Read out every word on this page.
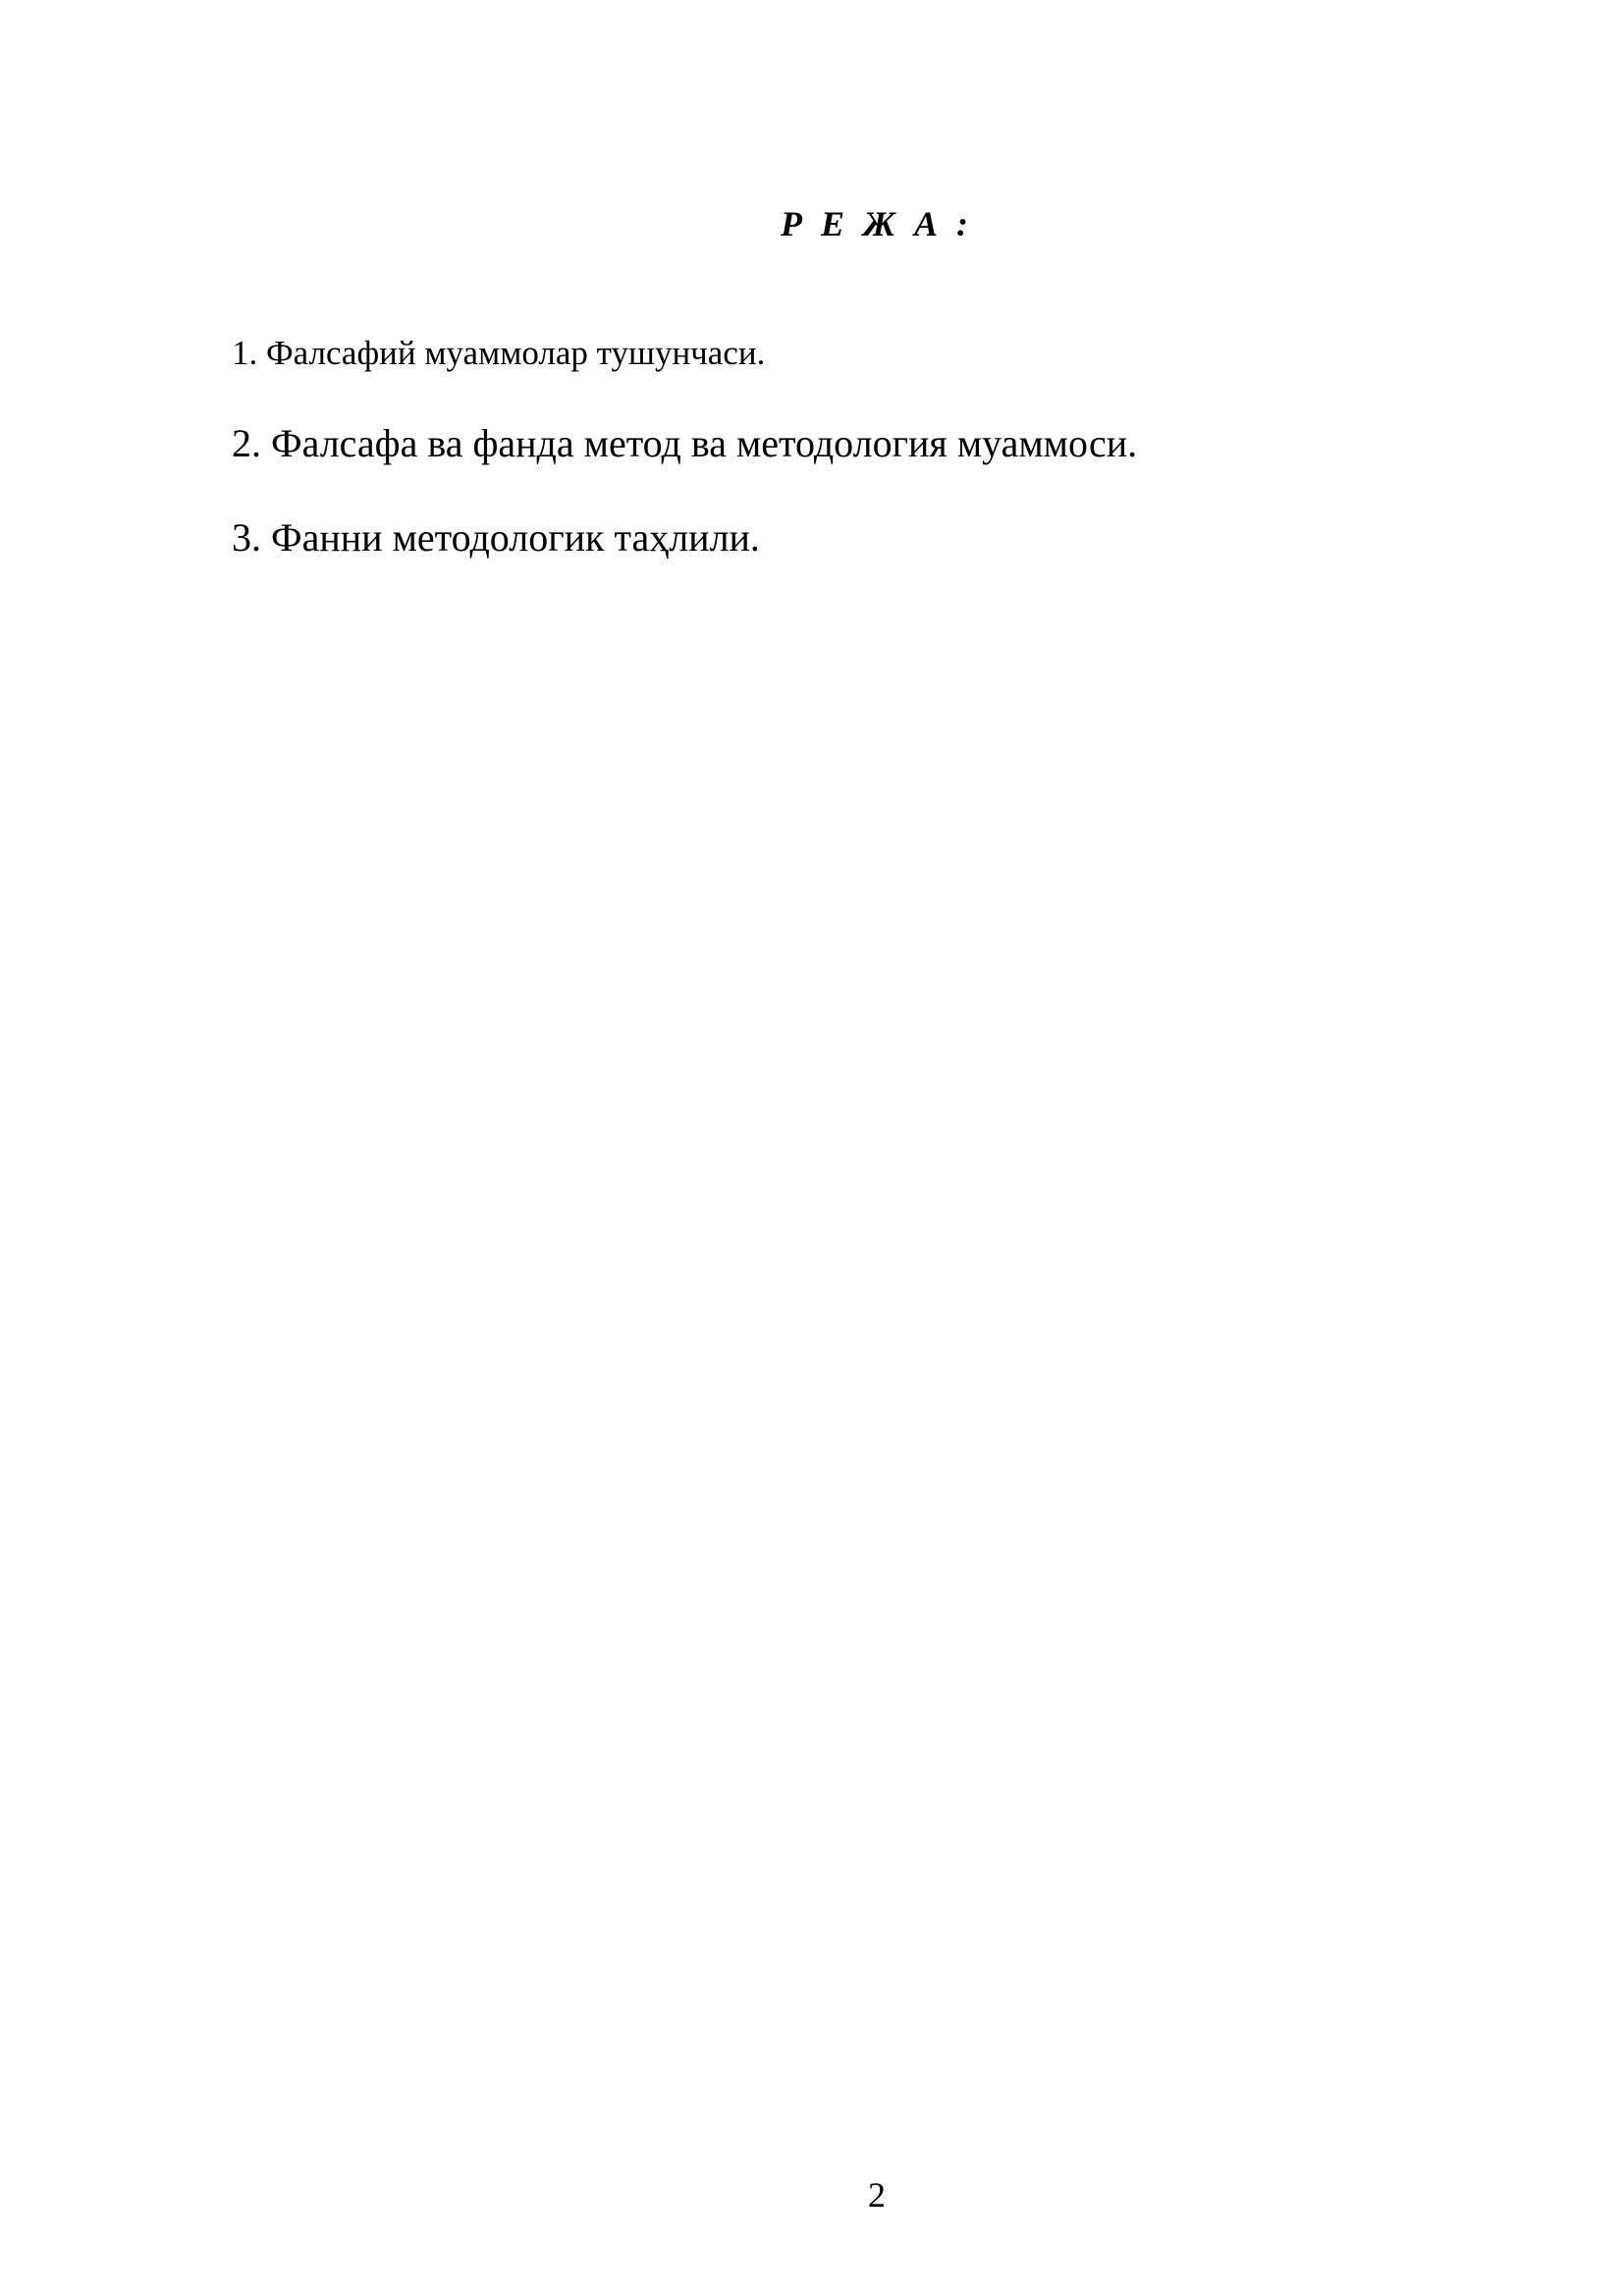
Р Е Ж А :
1. Фалсафий муаммолар тушунчаси.
2. Фалсафа ва фанда метод ва методология муаммоси.
3. Фанни методологик таҳлили.
2
